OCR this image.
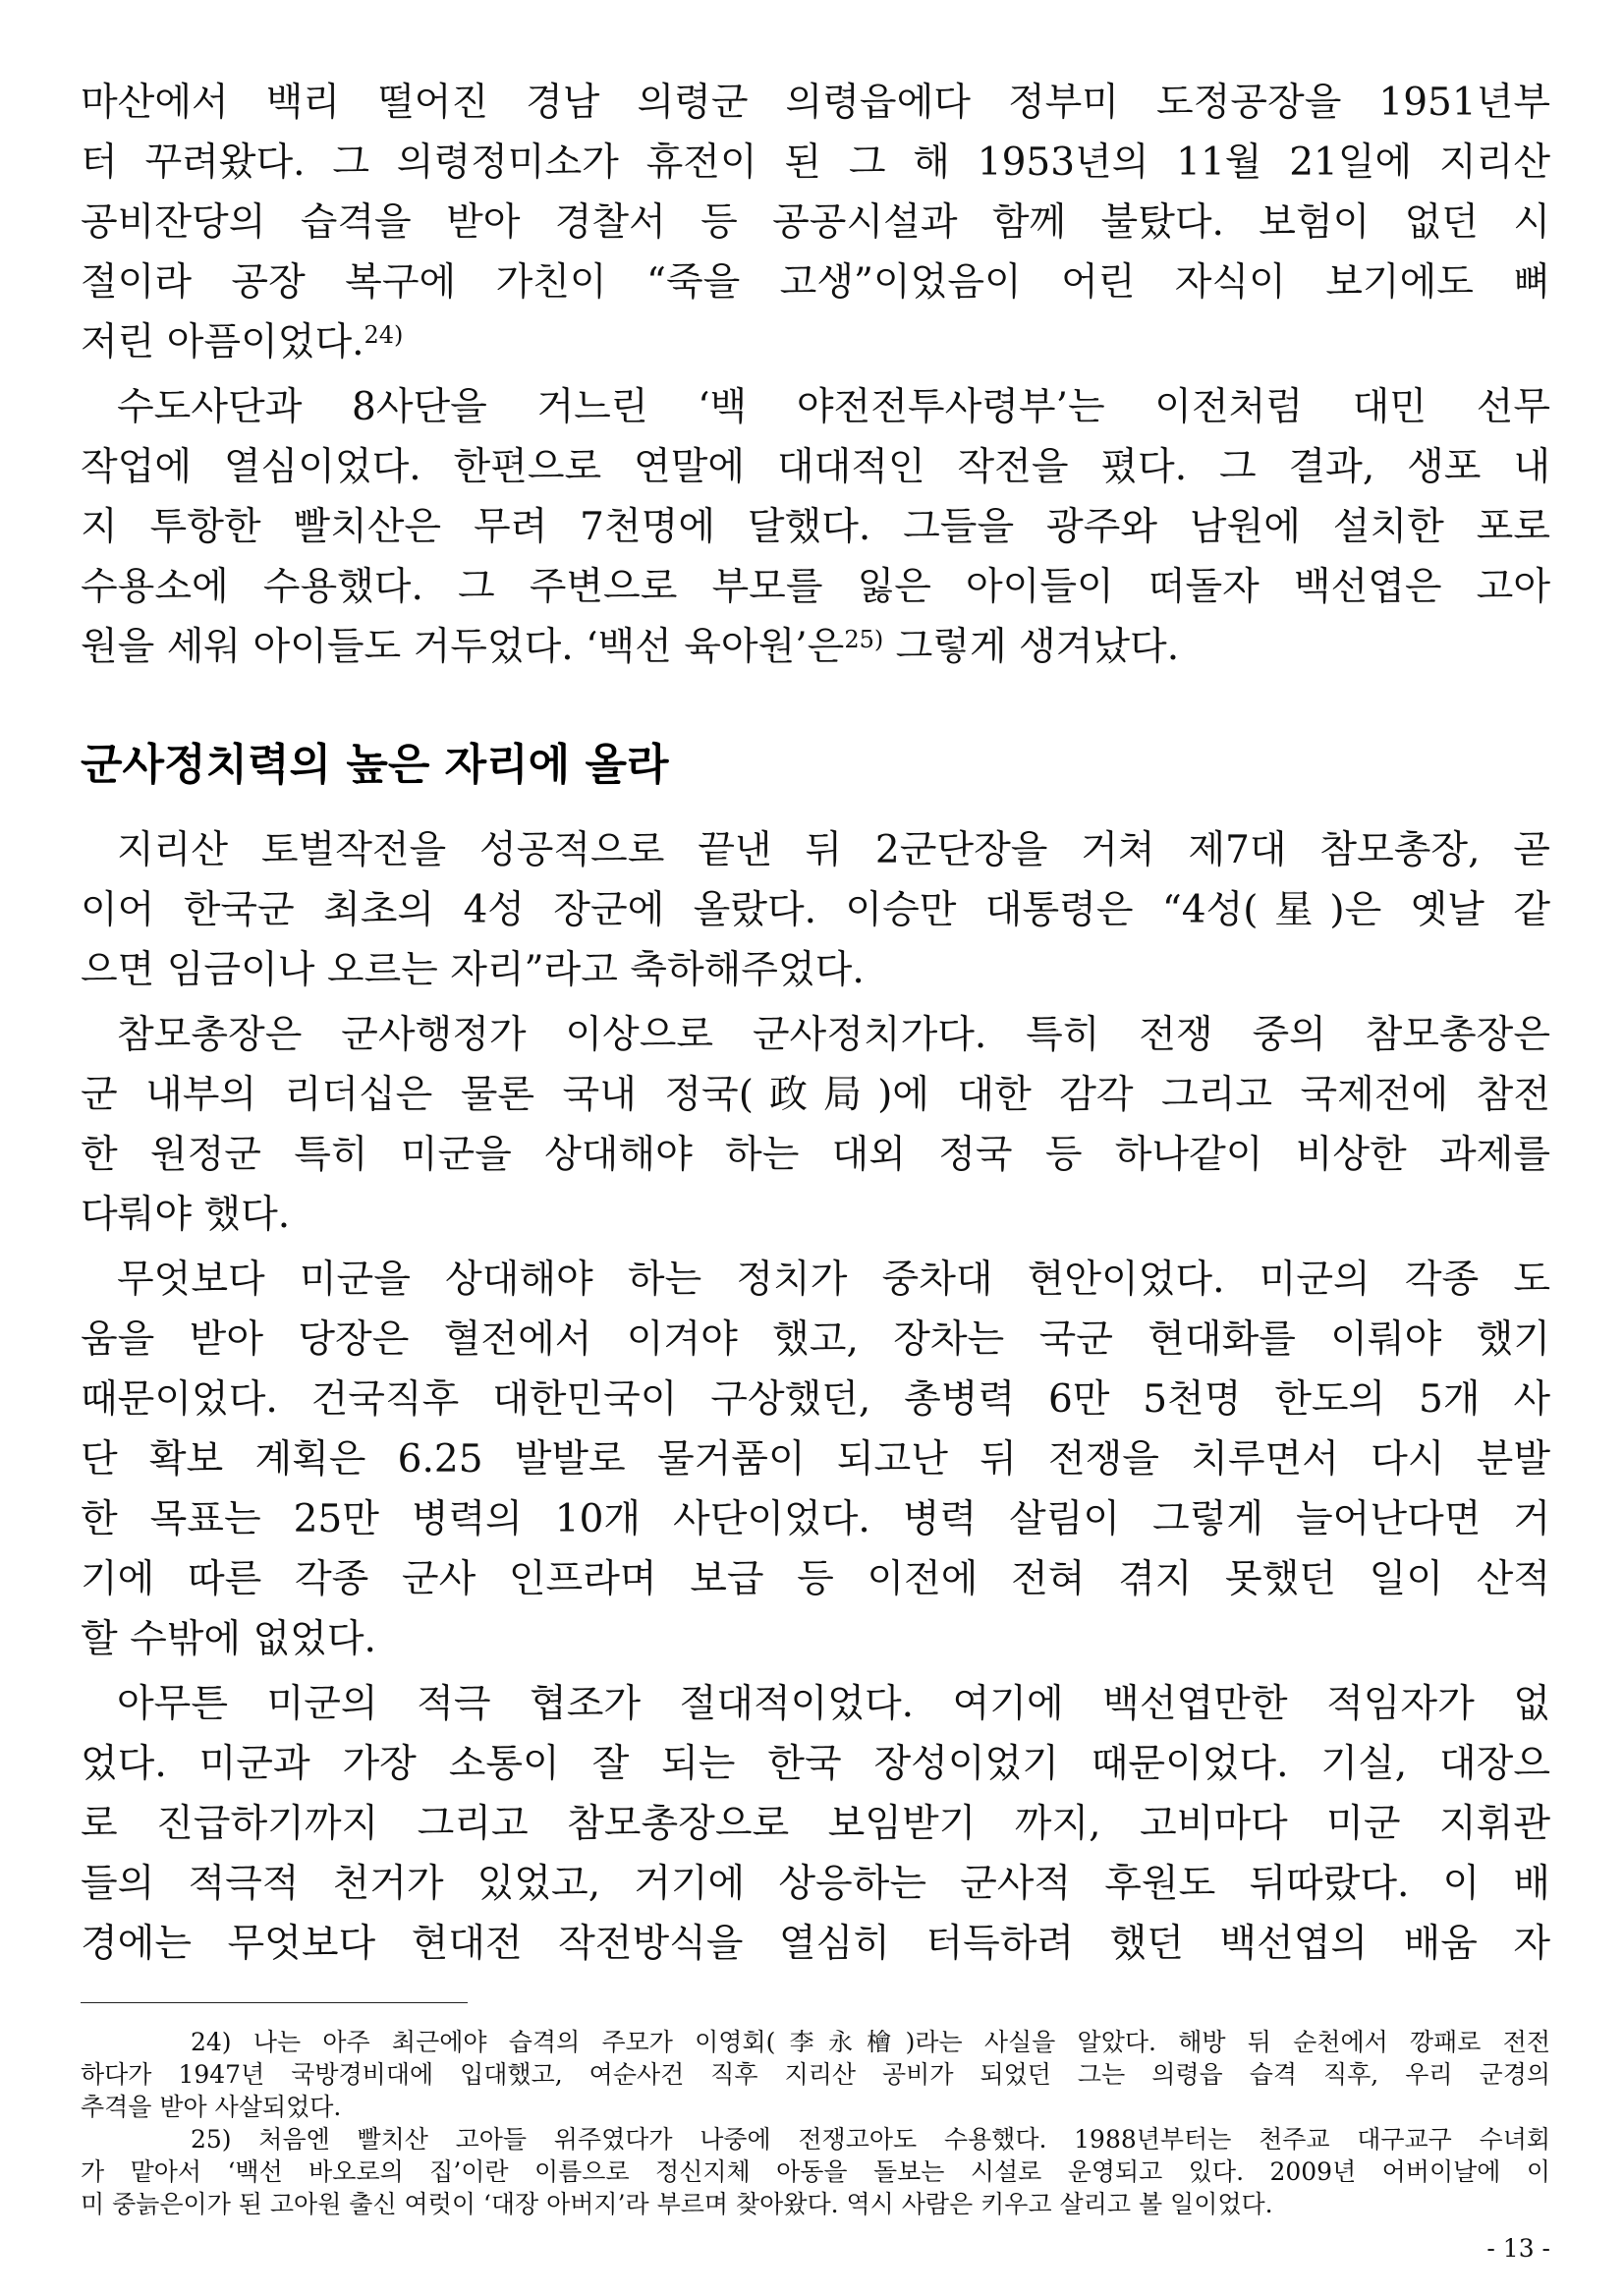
마산에서 백리 떨어진 경남 의령군 의령읍에다 정부미 도정공장을 1951년부
터 꾸려왔다. 그 의령정미소가 휴전이 된 그 해 1953년의 11월 21일에 지리산
공비잔당의 습격을 받아 경찰서 등 공공시설과 함께 불탔다. 보험이 없던 시
절이라 공장 복구에 가친이 “죽을 고생”이었음이 어린 자식이 보기에도 뼈
저린 아픔이었다.$^{24)}$
수도사단과 8사단을 거느린 ‘백 야전전투사령부’는 이전처럼 대민 선무
작업에 열심이었다. 한편으로 연말에 대대적인 작전을 폈다. 그 결과, 생포 내
지 투항한 빨치산은 무려 7천명에 달했다. 그들을 광주와 남원에 설치한 포로
수용소에 수용했다. 그 주변으로 부모를 잃은 아이들이 떠돌자 백선엽은 고아
원을 세워 아이들도 거두었다. ‘백선 육아원’은$^{25)}$ 그렇게 생겨났다.
군사정치력의 높은 자리에 올라
지리산 토벌작전을 성공적으로 끝낸 뒤 2군단장을 거쳐 제7대 참모총장, 곧
이어 한국군 최초의 4성 장군에 올랐다. 이승만 대통령은 “4성(星)은 옛날 같
으면 임금이나 오르는 자리”라고 축하해주었다.
참모총장은 군사행정가 이상으로 군사정치가다. 특히 전쟁 중의 참모총장은
군 내부의 리더십은 물론 국내 정국(政局)에 대한 감각 그리고 국제전에 참전
한 원정군 특히 미군을 상대해야 하는 대외 정국 등 하나같이 비상한 과제를
다뤄야 했다.
무엇보다 미군을 상대해야 하는 정치가 중차대 현안이었다. 미군의 각종 도
움을 받아 당장은 혈전에서 이겨야 했고, 장차는 국군 현대화를 이뤄야 했기
때문이었다. 건국직후 대한민국이 구상했던, 총병력 6만 5천명 한도의 5개 사
단 확보 계획은 6.25 발발로 물거품이 되고난 뒤 전쟁을 치루면서 다시 분발
한 목표는 25만 병력의 10개 사단이었다. 병력 살림이 그렇게 늘어난다면 거
기에 따른 각종 군사 인프라며 보급 등 이전에 전혀 겪지 못했던 일이 산적
할 수밖에 없었다.
아무튼 미군의 적극 협조가 절대적이었다. 여기에 백선엽만한 적임자가 없
었다. 미군과 가장 소통이 잘 되는 한국 장성이었기 때문이었다. 기실, 대장으
로 진급하기까지 그리고 참모총장으로 보임받기 까지, 고비마다 미군 지휘관
들의 적극적 천거가 있었고, 거기에 상응하는 군사적 후원도 뒤따랐다. 이 배
경에는 무엇보다 현대전 작전방식을 열심히 터득하려 했던 백선엽의 배움 자
24) 나는 아주 최근에야 습격의 주모가 이영회(李永檜)라는 사실을 알았다. 해방 뒤 순천에서 깡패로 전전
하다가 1947년 국방경비대에 입대했고, 여순사건 직후 지리산 공비가 되었던 그는 의령읍 습격 직후, 우리 군경의
추격을 받아 사살되었다.
25) 처음엔 빨치산 고아들 위주였다가 나중에 전쟁고아도 수용했다. 1988년부터는 천주교 대구교구 수녀회
가 맡아서 ‘백선 바오로의 집’이란 이름으로 정신지체 아동을 돌보는 시설로 운영되고 있다. 2009년 어버이날에 이
미 중늙은이가 된 고아원 출신 여럿이 ‘대장 아버지’라 부르며 찾아왔다. 역시 사람은 키우고 살리고 볼 일이었다.
- 13 -
